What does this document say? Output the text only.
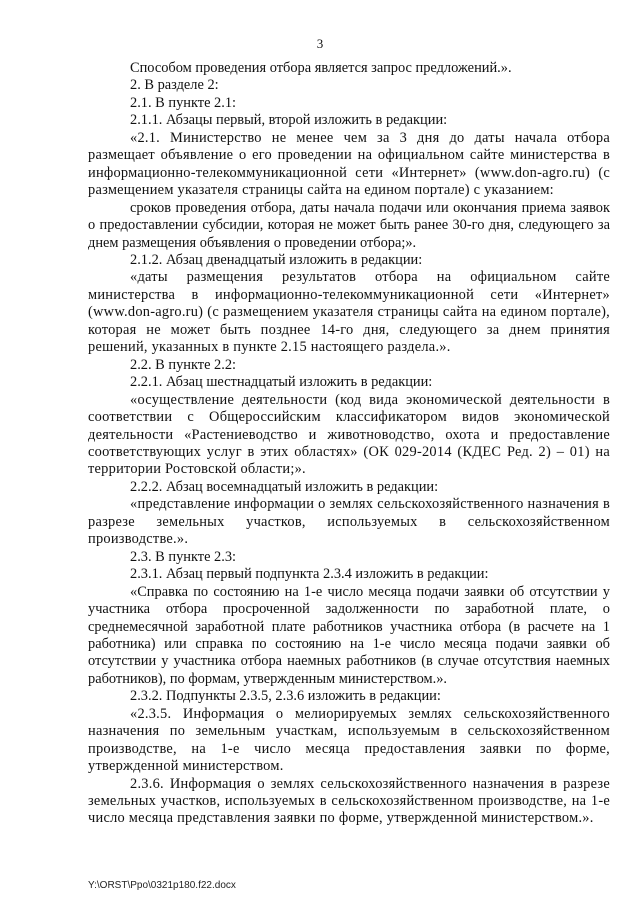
3

Способом проведения отбора является запрос предложений.».

2. В разделе 2:

2.1. В пункте 2.1:

2.1.1. Абзацы первый, второй изложить в редакции:

«2.1. Министерство не менее чем за 3 дня до даты начала отбора размещает объявление о его проведении на официальном сайте министерства в информационно-телекоммуникационной сети «Интернет» (www.don-agro.ru) (с размещением указателя страницы сайта на едином портале) с указанием:

сроков проведения отбора, даты начала подачи или окончания приема заявок о предоставлении субсидии, которая не может быть ранее 30-го дня, следующего за днем размещения объявления о проведении отбора;».

2.1.2. Абзац двенадцатый изложить в редакции:

«даты размещения результатов отбора на официальном сайте министерства в информационно-телекоммуникационной сети «Интернет» (www.don-agro.ru) (с размещением указателя страницы сайта на едином портале), которая не может быть позднее 14-го дня, следующего за днем принятия решений, указанных в пункте 2.15 настоящего раздела.».

2.2. В пункте 2.2:

2.2.1. Абзац шестнадцатый изложить в редакции:

«осуществление деятельности (код вида экономической деятельности в соответствии с Общероссийским классификатором видов экономической деятельности «Растениеводство и животноводство, охота и предоставление соответствующих услуг в этих областях» (ОК 029-2014 (КДЕС Ред. 2) – 01) на территории Ростовской области;».

2.2.2. Абзац восемнадцатый изложить в редакции:

«представление информации о землях сельскохозяйственного назначения в разрезе земельных участков, используемых в сельскохозяйственном производстве.».

2.3. В пункте 2.3:

2.3.1. Абзац первый подпункта 2.3.4 изложить в редакции:

«Справка по состоянию на 1-е число месяца подачи заявки об отсутствии у участника отбора просроченной задолженности по заработной плате, о среднемесячной заработной плате работников участника отбора (в расчете на 1 работника) или справка по состоянию на 1-е число месяца подачи заявки об отсутствии у участника отбора наемных работников (в случае отсутствия наемных работников), по формам, утвержденным министерством.».

2.3.2. Подпункты 2.3.5, 2.3.6 изложить в редакции:

«2.3.5. Информация о мелиорируемых землях сельскохозяйственного назначения по земельным участкам, используемым в сельскохозяйственном производстве, на 1-е число месяца предоставления заявки по форме, утвержденной министерством.

2.3.6. Информация о землях сельскохозяйственного назначения в разрезе земельных участков, используемых в сельскохозяйственном производстве, на 1-е число месяца представления заявки по форме, утвержденной министерством.».

Y:\ORST\Ppo\0321p180.f22.docx
